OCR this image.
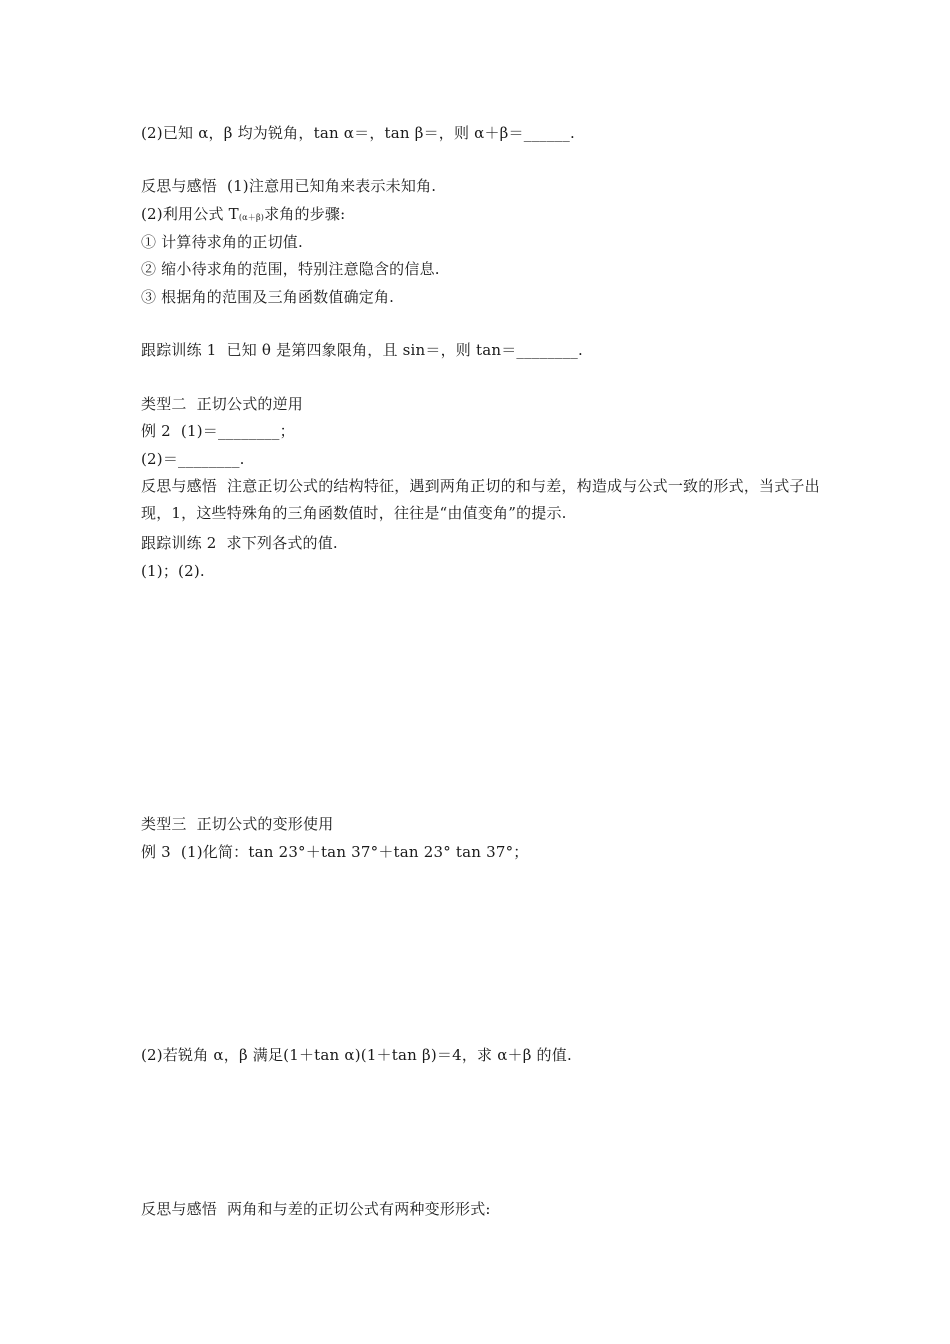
(2)已知 α，β 均为锐角，tan α＝，tan β＝，则 α＋β＝______.
反思与感悟 (1)注意用已知角来表示未知角.
(2)利用公式 T(α＋β)求角的步骤:
① 计算待求角的正切值.
② 缩小待求角的范围，特别注意隐含的信息.
③ 根据角的范围及三角函数值确定角.
跟踪训练 1 已知 θ 是第四象限角，且 sin＝，则 tan＝________.
类型二 正切公式的逆用
例 2 (1)＝________；
(2)＝________.
反思与感悟 注意正切公式的结构特征，遇到两角正切的和与差，构造成与公式一致的形式，当式子出现，1，这些特殊角的三角函数值时，往往是“由值变角”的提示.
跟踪训练 2 求下列各式的值.
(1)；(2).
类型三 正切公式的变形使用
例 3 (1)化简：tan 23°＋tan 37°＋tan 23° tan 37°；
(2)若锐角 α，β 满足(1＋tan α)(1＋tan β)＝4，求 α＋β 的值.
反思与感悟 两角和与差的正切公式有两种变形形式:
